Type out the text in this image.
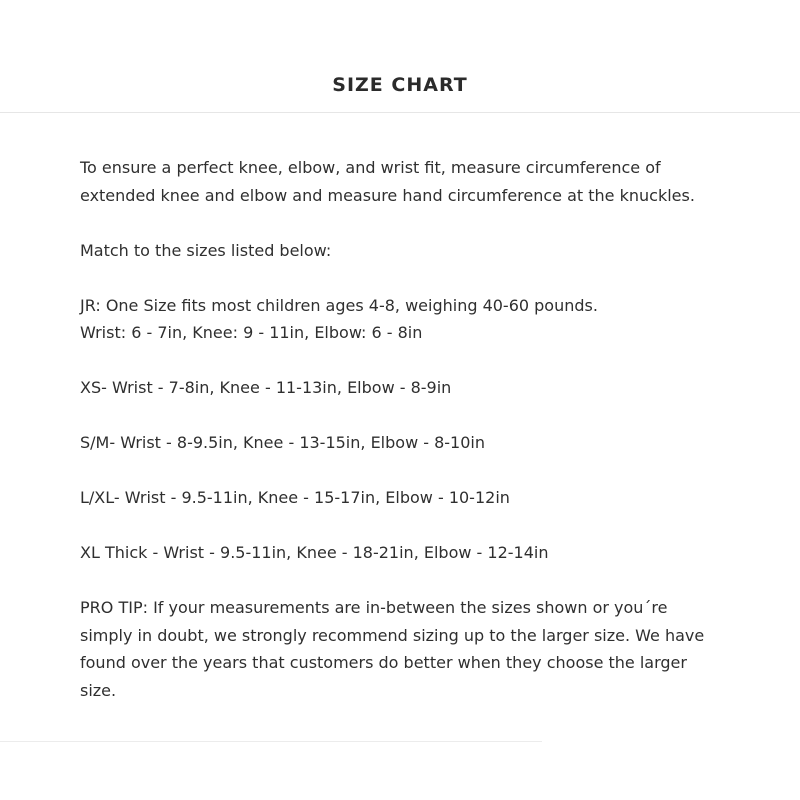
SIZE CHART

To ensure a perfect knee, elbow, and wrist fit, measure circumference of
extended knee and elbow and measure hand circumference at the knuckles.

Match to the sizes listed below:

JR: One Size fits most children ages 4-8, weighing 40-60 pounds.
Wrist: 6 - 7in, Knee: 9 - 11in, Elbow: 6 - 8in

XS- Wrist - 7-8in, Knee - 11-13in, Elbow - 8-9in

S/M- Wrist - 8-9.5in, Knee - 13-15in, Elbow - 8-10in

L/XL- Wrist - 9.5-11in, Knee - 15-17in, Elbow - 10-12in

XL Thick - Wrist - 9.5-11in, Knee - 18-21in, Elbow - 12-14in

PRO TIP: If your measurements are in-between the sizes shown or you´re
simply in doubt, we strongly recommend sizing up to the larger size. We have
found over the years that customers do better when they choose the larger
size.
